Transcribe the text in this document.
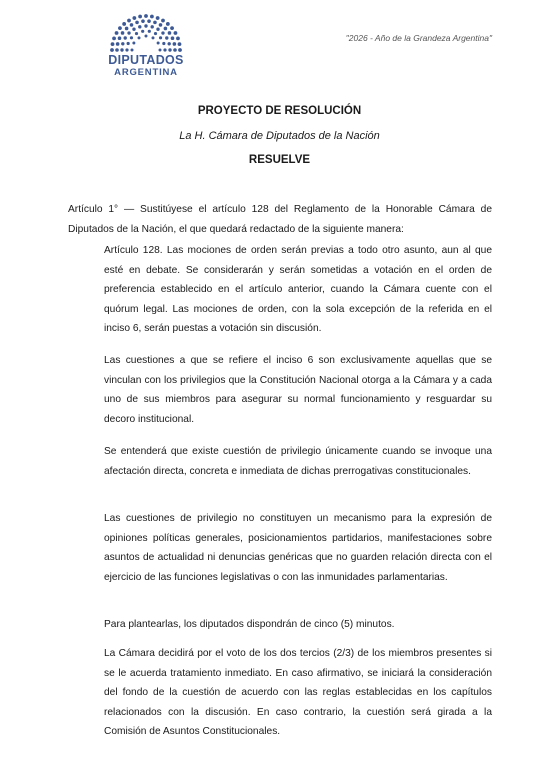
DIPUTADOS
ARGENTINA
"2026 - Año de la Grandeza Argentina"
PROYECTO DE RESOLUCIÓN
La H. Cámara de Diputados de la Nación
RESUELVE

Artículo 1° — Sustitúyese el artículo 128 del Reglamento de la Honorable Cámara de Diputados de la Nación, el que quedará redactado de la siguiente manera:

Artículo 128. Las mociones de orden serán previas a todo otro asunto, aun al que esté en debate. Se considerarán y serán sometidas a votación en el orden de preferencia establecido en el artículo anterior, cuando la Cámara cuente con el quórum legal. Las mociones de orden, con la sola excepción de la referida en el inciso 6, serán puestas a votación sin discusión.

Las cuestiones a que se refiere el inciso 6 son exclusivamente aquellas que se vinculan con los privilegios que la Constitución Nacional otorga a la Cámara y a cada uno de sus miembros para asegurar su normal funcionamiento y resguardar su decoro institucional.

Se entenderá que existe cuestión de privilegio únicamente cuando se invoque una afectación directa, concreta e inmediata de dichas prerrogativas constitucionales.

Las cuestiones de privilegio no constituyen un mecanismo para la expresión de opiniones políticas generales, posicionamientos partidarios, manifestaciones sobre asuntos de actualidad ni denuncias genéricas que no guarden relación directa con el ejercicio de las funciones legislativas o con las inmunidades parlamentarias.

Para plantearlas, los diputados dispondrán de cinco (5) minutos.

La Cámara decidirá por el voto de los dos tercios (2/3) de los miembros presentes si se le acuerda tratamiento inmediato. En caso afirmativo, se iniciará la consideración del fondo de la cuestión de acuerdo con las reglas establecidas en los capítulos relacionados con la discusión. En caso contrario, la cuestión será girada a la Comisión de Asuntos Constitucionales.
